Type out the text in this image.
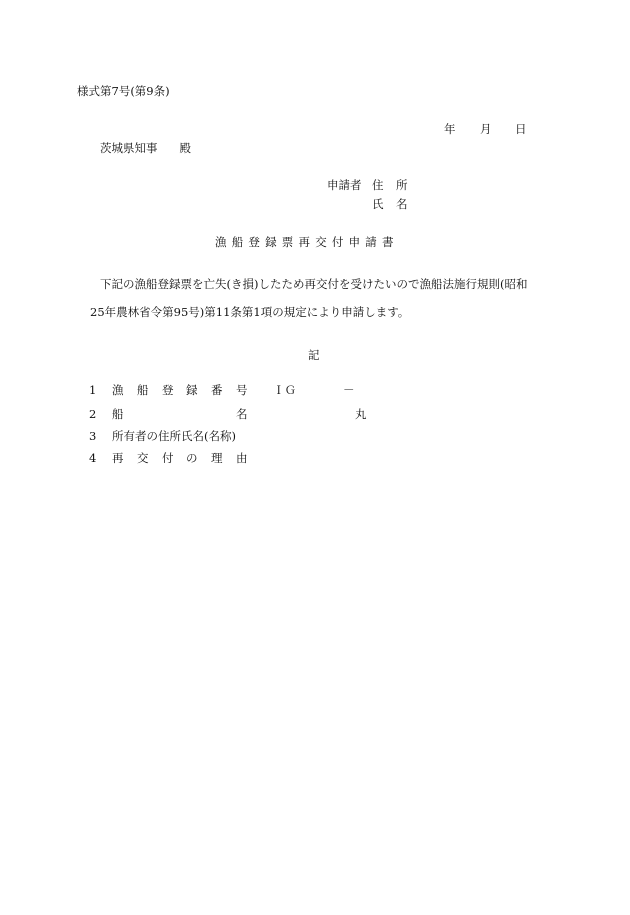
様式第7号(第9条)
年 月 日
茨城県知事 殿
申請者 住 所
氏 名
漁船登録票再交付申請書
下記の漁船登録票を亡失(き損)したため再交付を受けたいので漁船法施行規則(昭和
25年農林省令第95号)第11条第1項の規定により申請します。
記
1 漁 船 登 録 番 号 ＩＧ	－
2 船	名	丸
3 所有者の住所氏名(名称)
4 再 交 付 の 理 由
